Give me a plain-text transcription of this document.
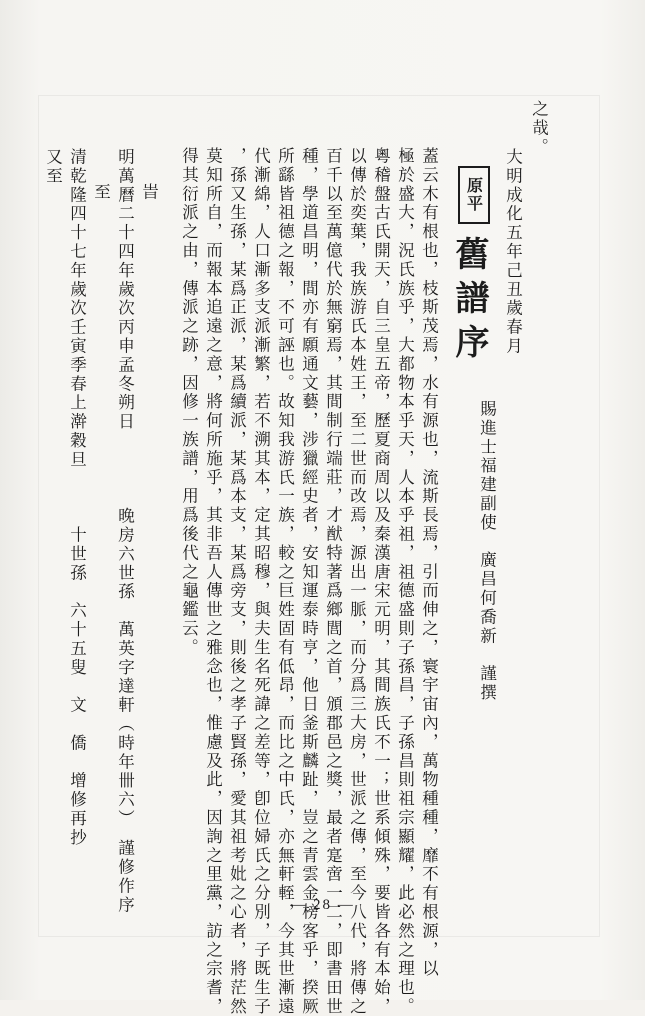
之哉。
大明成化五年己丑歲春月
賜進士福建副使　廣昌何喬新　謹撰
原平
舊譜序
蓋云木有根也，枝斯茂焉，水有源也，流斯長焉，引而伸之，寰宇宙內，萬物種種，靡不有根源，以
極於盛大，況氏族乎，大都物本乎天，人本乎祖，祖德盛則子孫昌，子孫昌則祖宗顯耀，此必然之理也。
粵稽盤古氏開天，自三皇五帝，歷夏商周以及秦漢唐宋元明，其間族氏不一；世系傾殊，要皆各有本始，
以傳於奕葉，我族游氏本姓王，至二世而改焉，源出一脈，而分爲三大房，世派之傳，至今八代，將傳之
百千以至萬億代於無窮焉，其間制行端莊，才猷特著爲鄉閭之首，頒郡邑之獎，最者寔啻一二，即書田世
種，學道昌明，間亦有願通文藝，涉獵經史者，安知運泰時亨，他日釜斯麟趾，豈之青雲金榜客乎，揆厥
所繇皆祖德之報，不可誣也。故知我游氏一族，較之巨姓固有低昂，而比之中氏，亦無軒輊，今其世漸遠
代漸綿，人口漸多支派漸繁，若不溯其本，定其昭穆，與夫生名死諱之差等，卽位婦氏之分別，子既生子
，孫又生孫，某爲正派，某爲續派，某爲本支，某爲旁支，則後之孝子賢孫，愛其祖考妣之心者，將茫然
莫知所自，而報本追遠之意，將何所施乎，其非吾人傳世之雅念也，惟慮及此，因詢之里黨，訪之宗耆，
得其衍派之由，傳派之跡，因修一族譜，用爲後代之龜鑑云。
旹
明萬曆二十四年歲次丙申孟冬朔日　　　　晚房六世孫　萬英字達軒（時年卌六）　謹修作序
至
清乾隆四十七年歲次壬寅季春上澣穀旦　　　十世孫　六十五叟　文　僑　增修再抄
又至
— 28 —
